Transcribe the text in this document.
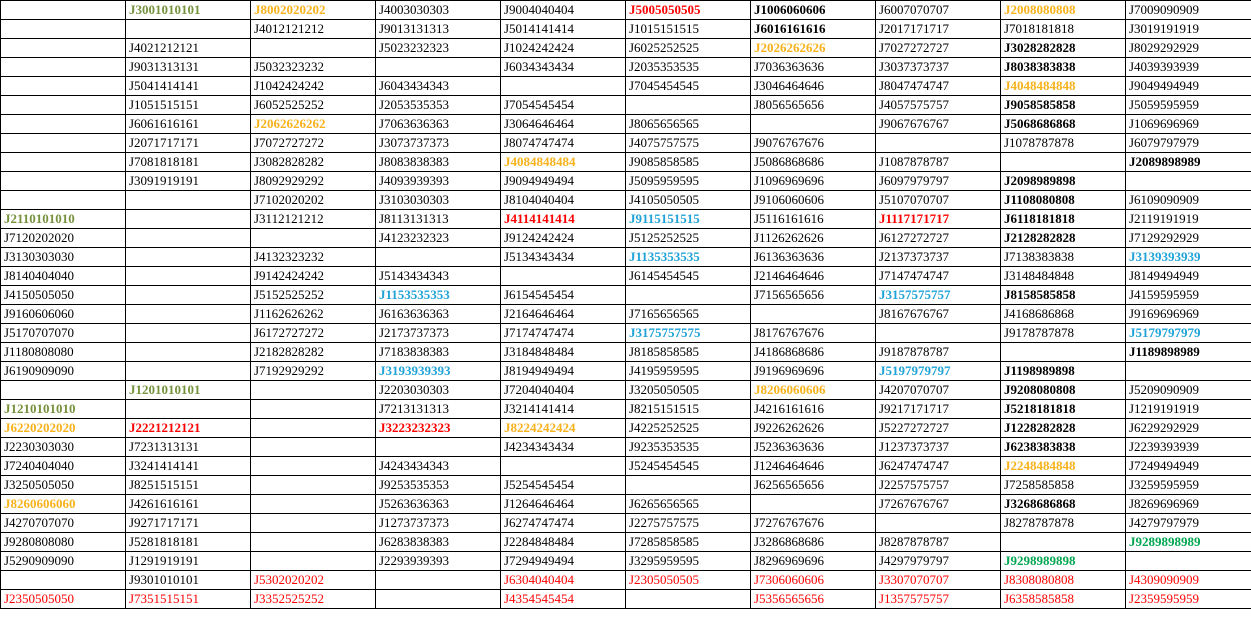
	J3001010101	J8002020202	J4003030303	J9004040404	J5005050505	J1006060606	J6007070707	J2008080808	J7009090909
		J4012121212	J9013131313	J5014141414	J1015151515	J6016161616	J2017171717	J7018181818	J3019191919
	J4021212121		J5023232323	J1024242424	J6025252525	J2026262626	J7027272727	J3028282828	J8029292929
	J9031313131	J5032323232		J6034343434	J2035353535	J7036363636	J3037373737	J8038383838	J4039393939
	J5041414141	J1042424242	J6043434343		J7045454545	J3046464646	J8047474747	J4048484848	J9049494949
	J1051515151	J6052525252	J2053535353	J7054545454		J8056565656	J4057575757	J9058585858	J5059595959
	J6061616161	J2062626262	J7063636363	J3064646464	J8065656565		J9067676767	J5068686868	J1069696969
	J2071717171	J7072727272	J3073737373	J8074747474	J4075757575	J9076767676		J1078787878	J6079797979
	J7081818181	J3082828282	J8083838383	J4084848484	J9085858585	J5086868686	J1087878787		J2089898989
	J3091919191	J8092929292	J4093939393	J9094949494	J5095959595	J1096969696	J6097979797	J2098989898	
		J7102020202	J3103030303	J8104040404	J4105050505	J9106060606	J5107070707	J1108080808	J6109090909
J2110101010		J3112121212	J8113131313	J4114141414	J9115151515	J5116161616	J1117171717	J6118181818	J2119191919
J7120202020			J4123232323	J9124242424	J5125252525	J1126262626	J6127272727	J2128282828	J7129292929
J3130303030		J4132323232		J5134343434	J1135353535	J6136363636	J2137373737	J7138383838	J3139393939
J8140404040		J9142424242	J5143434343		J6145454545	J2146464646	J7147474747	J3148484848	J8149494949
J4150505050		J5152525252	J1153535353	J6154545454		J7156565656	J3157575757	J8158585858	J4159595959
J9160606060		J1162626262	J6163636363	J2164646464	J7165656565		J8167676767	J4168686868	J9169696969
J5170707070		J6172727272	J2173737373	J7174747474	J3175757575	J8176767676		J9178787878	J5179797979
J1180808080		J2182828282	J7183838383	J3184848484	J8185858585	J4186868686	J9187878787		J1189898989
J6190909090		J7192929292	J3193939393	J8194949494	J4195959595	J9196969696	J5197979797	J1198989898	
	J1201010101		J2203030303	J7204040404	J3205050505	J8206060606	J4207070707	J9208080808	J5209090909
J1210101010			J7213131313	J3214141414	J8215151515	J4216161616	J9217171717	J5218181818	J1219191919
J6220202020	J2221212121		J3223232323	J8224242424	J4225252525	J9226262626	J5227272727	J1228282828	J6229292929
J2230303030	J7231313131			J4234343434	J9235353535	J5236363636	J1237373737	J6238383838	J2239393939
J7240404040	J3241414141		J4243434343		J5245454545	J1246464646	J6247474747	J2248484848	J7249494949
J3250505050	J8251515151		J9253535353	J5254545454		J6256565656	J2257575757	J7258585858	J3259595959
J8260606060	J4261616161		J5263636363	J1264646464	J6265656565		J7267676767	J3268686868	J8269696969
J4270707070	J9271717171		J1273737373	J6274747474	J2275757575	J7276767676		J8278787878	J4279797979
J9280808080	J5281818181		J6283838383	J2284848484	J7285858585	J3286868686	J8287878787		J9289898989
J5290909090	J1291919191		J2293939393	J7294949494	J3295959595	J8296969696	J4297979797	J9298989898	
	J9301010101	J5302020202		J6304040404	J2305050505	J7306060606	J3307070707	J8308080808	J4309090909
J2350505050	J7351515151	J3352525252		J4354545454		J5356565656	J1357575757	J6358585858	J2359595959
